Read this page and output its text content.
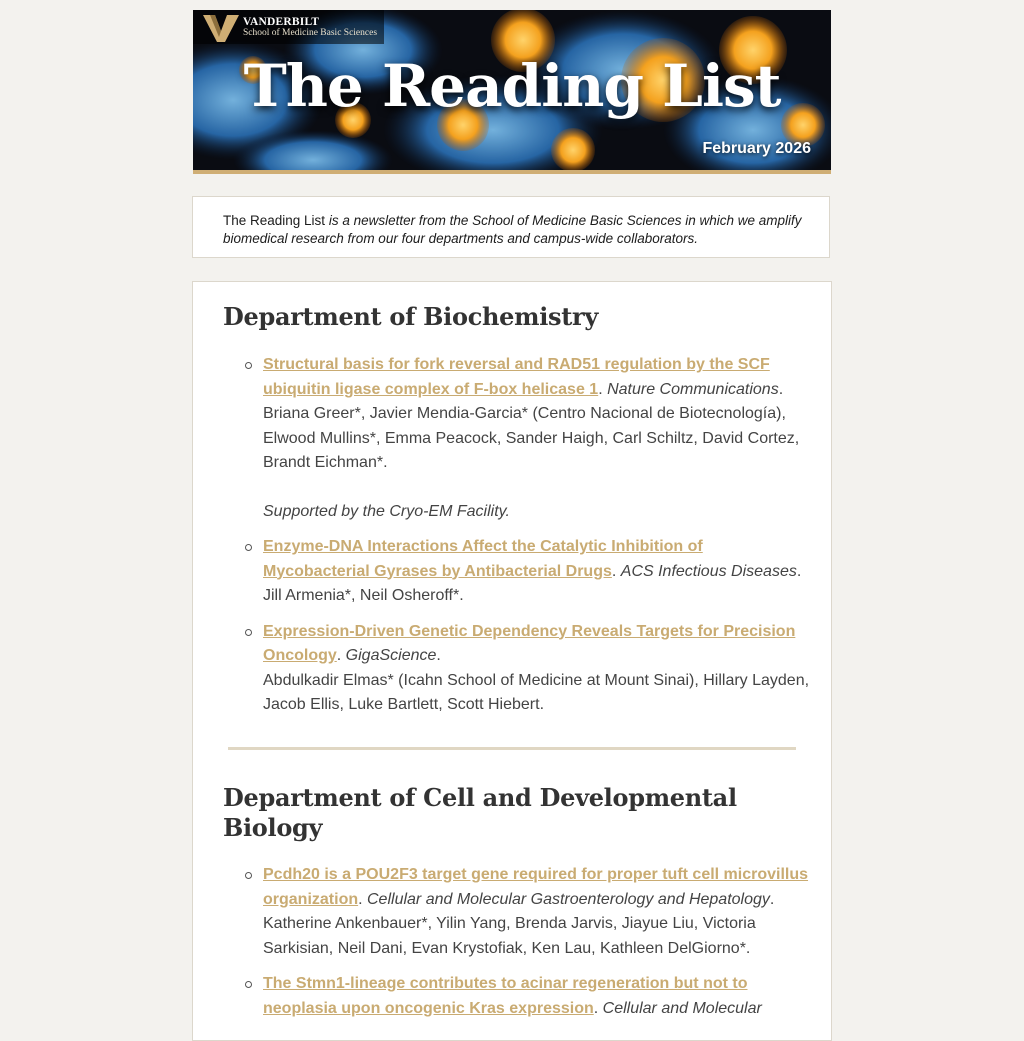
VANDERBILT
School of Medicine Basic Sciences
The Reading List
February 2026

The Reading List is a newsletter from the School of Medicine Basic Sciences in which we amplify biomedical research from our four departments and campus-wide collaborators.

Department of Biochemistry
Structural basis for fork reversal and RAD51 regulation by the SCF ubiquitin ligase complex of F-box helicase 1. Nature Communications.
Briana Greer*, Javier Mendia-Garcia* (Centro Nacional de Biotecnología), Elwood Mullins*, Emma Peacock, Sander Haigh, Carl Schiltz, David Cortez, Brandt Eichman*.
Supported by the Cryo-EM Facility.
Enzyme-DNA Interactions Affect the Catalytic Inhibition of Mycobacterial Gyrases by Antibacterial Drugs. ACS Infectious Diseases.
Jill Armenia*, Neil Osheroff*.
Expression-Driven Genetic Dependency Reveals Targets for Precision Oncology. GigaScience.
Abdulkadir Elmas* (Icahn School of Medicine at Mount Sinai), Hillary Layden, Jacob Ellis, Luke Bartlett, Scott Hiebert.
Department of Cell and Developmental Biology
Pcdh20 is a POU2F3 target gene required for proper tuft cell microvillus organization. Cellular and Molecular Gastroenterology and Hepatology.
Katherine Ankenbauer*, Yilin Yang, Brenda Jarvis, Jiayue Liu, Victoria Sarkisian, Neil Dani, Evan Krystofiak, Ken Lau, Kathleen DelGiorno*.
The Stmn1-lineage contributes to acinar regeneration but not to neoplasia upon oncogenic Kras expression. Cellular and Molecular
